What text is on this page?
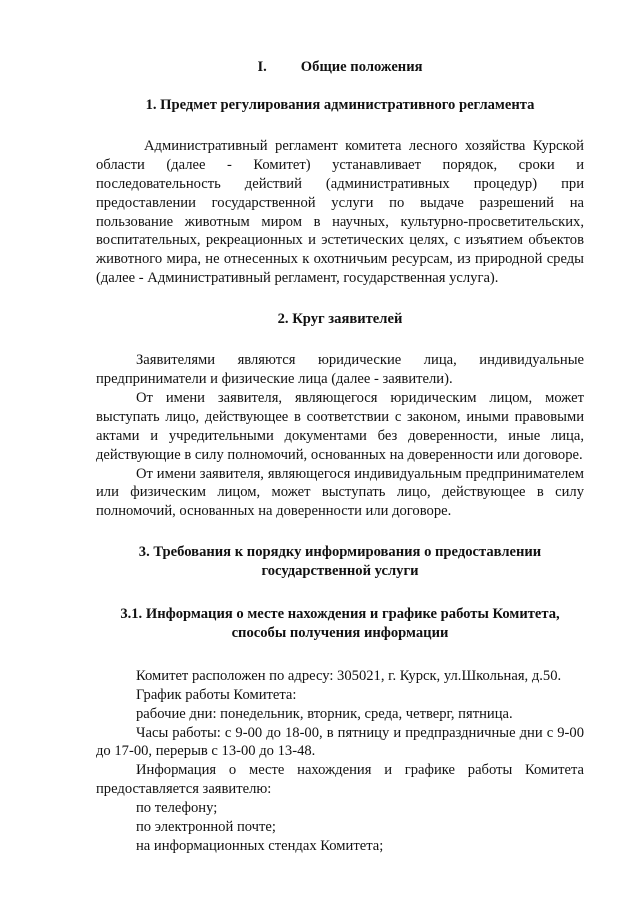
I. Общие положения
1. Предмет регулирования административного регламента

Административный регламент комитета лесного хозяйства Курской области (далее - Комитет) устанавливает порядок, сроки и последовательность действий (административных процедур) при предоставлении государственной услуги по выдаче разрешений на пользование животным миром в научных, культурно-просветительских, воспитательных, рекреационных и эстетических целях, с изъятием объектов животного мира, не отнесенных к охотничьим ресурсам, из природной среды (далее - Административный регламент, государственная услуга).

2. Круг заявителей

Заявителями являются юридические лица, индивидуальные предприниматели и физические лица (далее - заявители).

От имени заявителя, являющегося юридическим лицом, может выступать лицо, действующее в соответствии с законом, иными правовыми актами и учредительными документами без доверенности, иные лица, действующие в силу полномочий, основанных на доверенности или договоре.

От имени заявителя, являющегося индивидуальным предпринимателем или физическим лицом, может выступать лицо, действующее в силу полномочий, основанных на доверенности или договоре.

3. Требования к порядку информирования о предоставлении
государственной услуги
3.1. Информация о месте нахождения и графике работы Комитета,
способы получения информации

Комитет расположен по адресу: 305021, г. Курск, ул.Школьная, д.50.

График работы Комитета:

рабочие дни: понедельник, вторник, среда, четверг, пятница.

Часы работы: с 9-00 до 18-00, в пятницу и предпраздничные дни с 9-00 до 17-00, перерыв с 13-00 до 13-48.

Информация о месте нахождения и графике работы Комитета предоставляется заявителю:

по телефону;

по электронной почте;

на информационных стендах Комитета;
